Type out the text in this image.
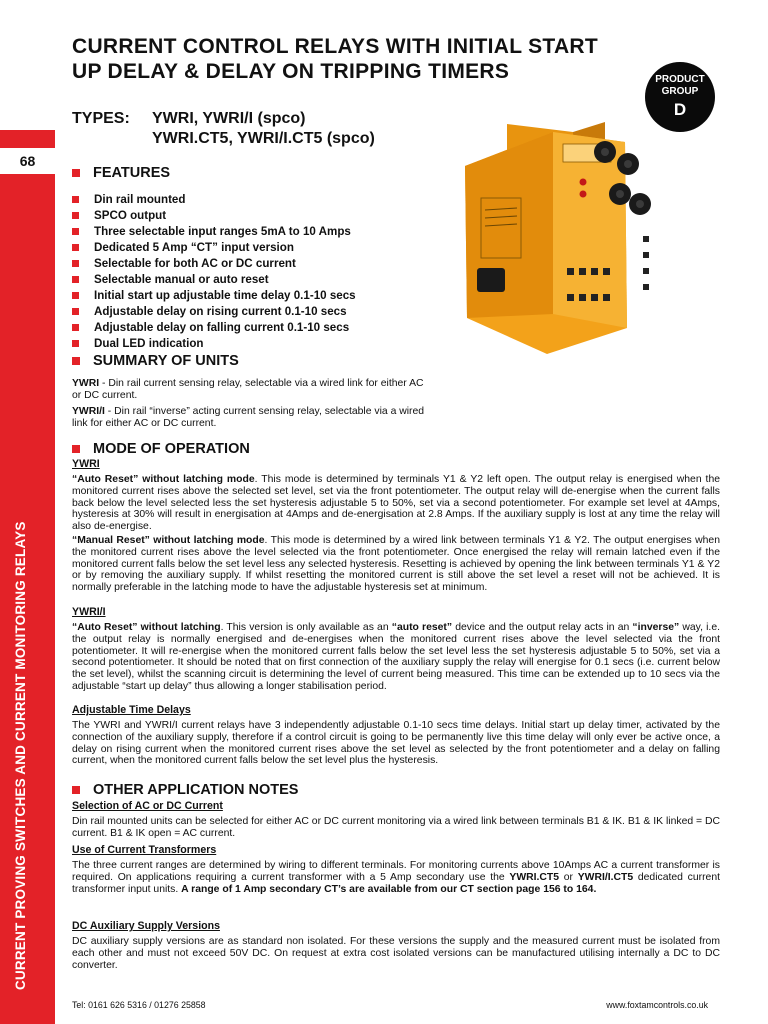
68
CURRENT PROVING SWITCHES AND CURRENT MONITORING RELAYS
CURRENT CONTROL RELAYS WITH INITIAL START
UP DELAY & DELAY ON TRIPPING TIMERS	PRODUCT
GROUP
D
TYPES: YWRI, YWRI/I (spco)
YWRI.CT5, YWRI/I.CT5 (spco)
FEATURES
Din rail mounted
SPCO output
Three selectable input ranges 5mA to 10 Amps
Dedicated 5 Amp “CT” input version
Selectable for both AC or DC current
Selectable manual or auto reset
Initial start up adjustable time delay 0.1-10 secs
Adjustable delay on rising current 0.1-10 secs
Adjustable delay on falling current 0.1-10 secs
Dual LED indication
SUMMARY OF UNITS
YWRI - Din rail current sensing relay, selectable via a wired link for either AC or DC current.
YWRI/I - Din rail “inverse” acting current sensing relay, selectable via a wired link for either AC or DC current.
MODE OF OPERATION
YWRI
“Auto Reset” without latching mode. This mode is determined by terminals Y1 & Y2 left open. The output relay is energised when the monitored current rises above the selected set level, set via the front potentiometer. The output relay will de-energise when the current falls back below the level selected less the set hysteresis adjustable 5 to 50%, set via a second potentiometer. For example set level at 4Amps, hysteresis at 30% will result in energisation at 4Amps and de-energisation at 2.8 Amps. If the auxiliary supply is lost at any time the relay will also de-energise.
“Manual Reset” without latching mode. This mode is determined by a wired link between terminals Y1 & Y2. The output energises when the monitored current rises above the level selected via the front potentiometer. Once energised the relay will remain latched even if the monitored current falls below the set level less any selected hysteresis. Resetting is achieved by opening the link between terminals Y1 & Y2 or by removing the auxiliary supply. If whilst resetting the monitored current is still above the set level a reset will not be achieved. It is normally preferable in the latching mode to have the adjustable hysteresis set at minimum.
YWRI/I
“Auto Reset” without latching. This version is only available as an “auto reset” device and the output relay acts in an “inverse” way, i.e. the output relay is normally energised and de-energises when the monitored current rises above the level selected via the front potentiometer. It will re-energise when the monitored current falls below the set level less the set hysteresis adjustable 5 to 50%, set via a second potentiometer. It should be noted that on first connection of the auxiliary supply the relay will energise for 0.1 secs (i.e. current below the set level), whilst the scanning circuit is determining the level of current being measured. This time can be extended up to 10 secs via the adjustable “start up delay” thus allowing a longer stabilisation period.
Adjustable Time Delays
The YWRI and YWRI/I current relays have 3 independently adjustable 0.1-10 secs time delays. Initial start up delay timer, activated by the connection of the auxiliary supply, therefore if a control circuit is going to be permanently live this time delay will only ever be active once, a delay on rising current when the monitored current rises above the set level as selected by the front potentiometer and a delay on falling current, when the monitored current falls below the set level plus the hysteresis.
OTHER APPLICATION NOTES
Selection of AC or DC Current
Din rail mounted units can be selected for either AC or DC current monitoring via a wired link between terminals B1 & IK. B1 & IK linked = DC current. B1 & IK open = AC current.
Use of Current Transformers
The three current ranges are determined by wiring to different terminals. For monitoring currents above 10Amps AC a current transformer is required. On applications requiring a current transformer with a 5 Amp secondary use the YWRI.CT5 or YWRI/I.CT5 dedicated current transformer input units. A range of 1 Amp secondary CT’s are available from our CT section page 156 to 164.
DC Auxiliary Supply Versions
DC auxiliary supply versions are as standard non isolated. For these versions the supply and the measured current must be isolated from each other and must not exceed 50V DC. On request at extra cost isolated versions can be manufactured utilising internally a DC to DC converter.
Tel: 0161 626 5316 / 01276 25858	www.foxtamcontrols.co.uk
